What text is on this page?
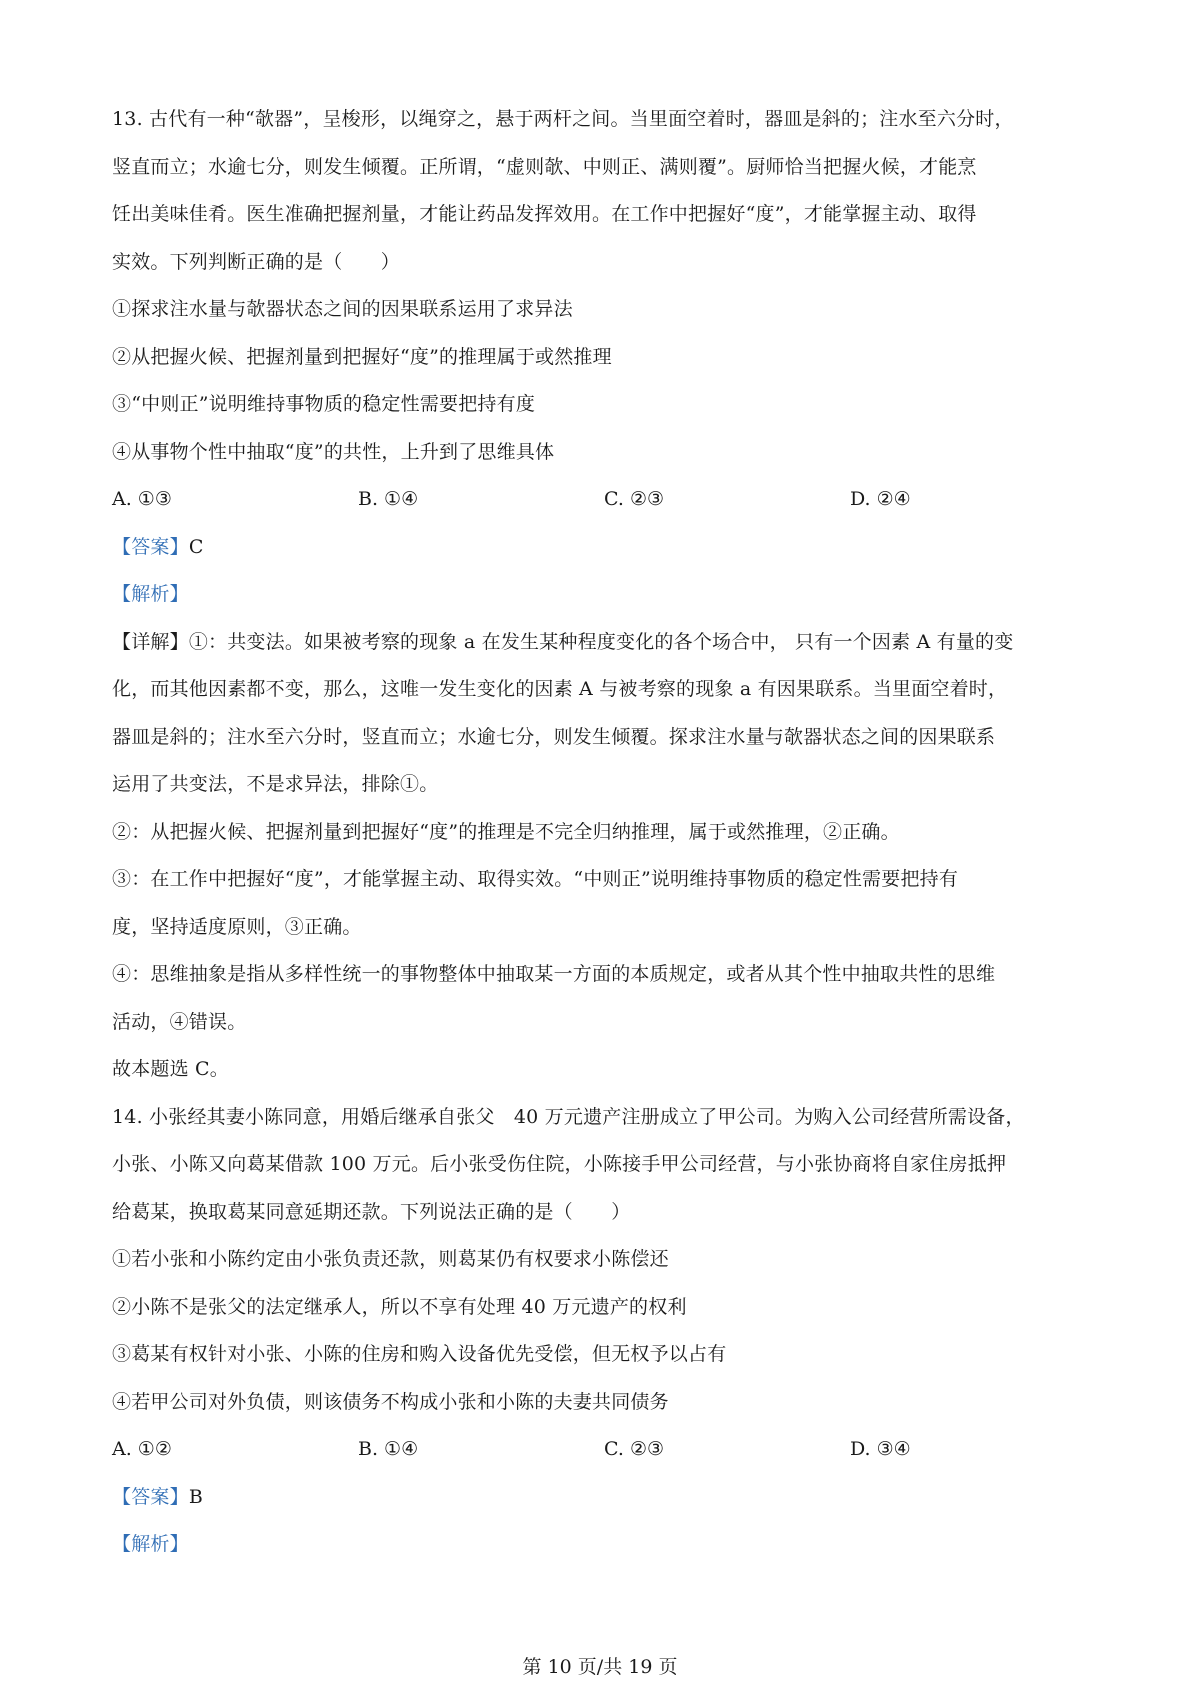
13. 古代有一种“欹器”，呈梭形，以绳穿之，悬于两杆之间。当里面空着时，器皿是斜的；注水至六分时，
竖直而立；水逾七分，则发生倾覆。正所谓，“虚则欹、中则正、满则覆”。厨师恰当把握火候，才能烹
饪出美味佳肴。医生准确把握剂量，才能让药品发挥效用。在工作中把握好“度”，才能掌握主动、取得
实效。下列判断正确的是（　　）
①探求注水量与欹器状态之间的因果联系运用了求异法
②从把握火候、把握剂量到把握好“度”的推理属于或然推理
③“中则正”说明维持事物质的稳定性需要把持有度
④从事物个性中抽取“度”的共性，上升到了思维具体
A. ①③	B. ①④	C. ②③	D. ②④
【答案】C
【解析】
【详解】①：共变法。如果被考察的现象 a 在发生某种程度变化的各个场合中， 只有一个因素 A 有量的变
化，而其他因素都不变，那么，这唯一发生变化的因素 A 与被考察的现象 a 有因果联系。当里面空着时，
器皿是斜的；注水至六分时，竖直而立；水逾七分，则发生倾覆。探求注水量与欹器状态之间的因果联系
运用了共变法，不是求异法，排除①。
②：从把握火候、把握剂量到把握好“度”的推理是不完全归纳推理，属于或然推理，②正确。
③：在工作中把握好“度”，才能掌握主动、取得实效。“中则正”说明维持事物质的稳定性需要把持有
度，坚持适度原则，③正确。
④：思维抽象是指从多样性统一的事物整体中抽取某一方面的本质规定，或者从其个性中抽取共性的思维
活动，④错误。
故本题选 C。
14. 小张经其妻小陈同意，用婚后继承自张父　40 万元遗产注册成立了甲公司。为购入公司经营所需设备，
小张、小陈又向葛某借款 100 万元。后小张受伤住院，小陈接手甲公司经营，与小张协商将自家住房抵押
给葛某，换取葛某同意延期还款。下列说法正确的是（　　）
①若小张和小陈约定由小张负责还款，则葛某仍有权要求小陈偿还
②小陈不是张父的法定继承人，所以不享有处理 40 万元遗产的权利
③葛某有权针对小张、小陈的住房和购入设备优先受偿，但无权予以占有
④若甲公司对外负债，则该债务不构成小张和小陈的夫妻共同债务
A. ①②	B. ①④	C. ②③	D. ③④
【答案】B
【解析】
第 10 页/共 19 页
